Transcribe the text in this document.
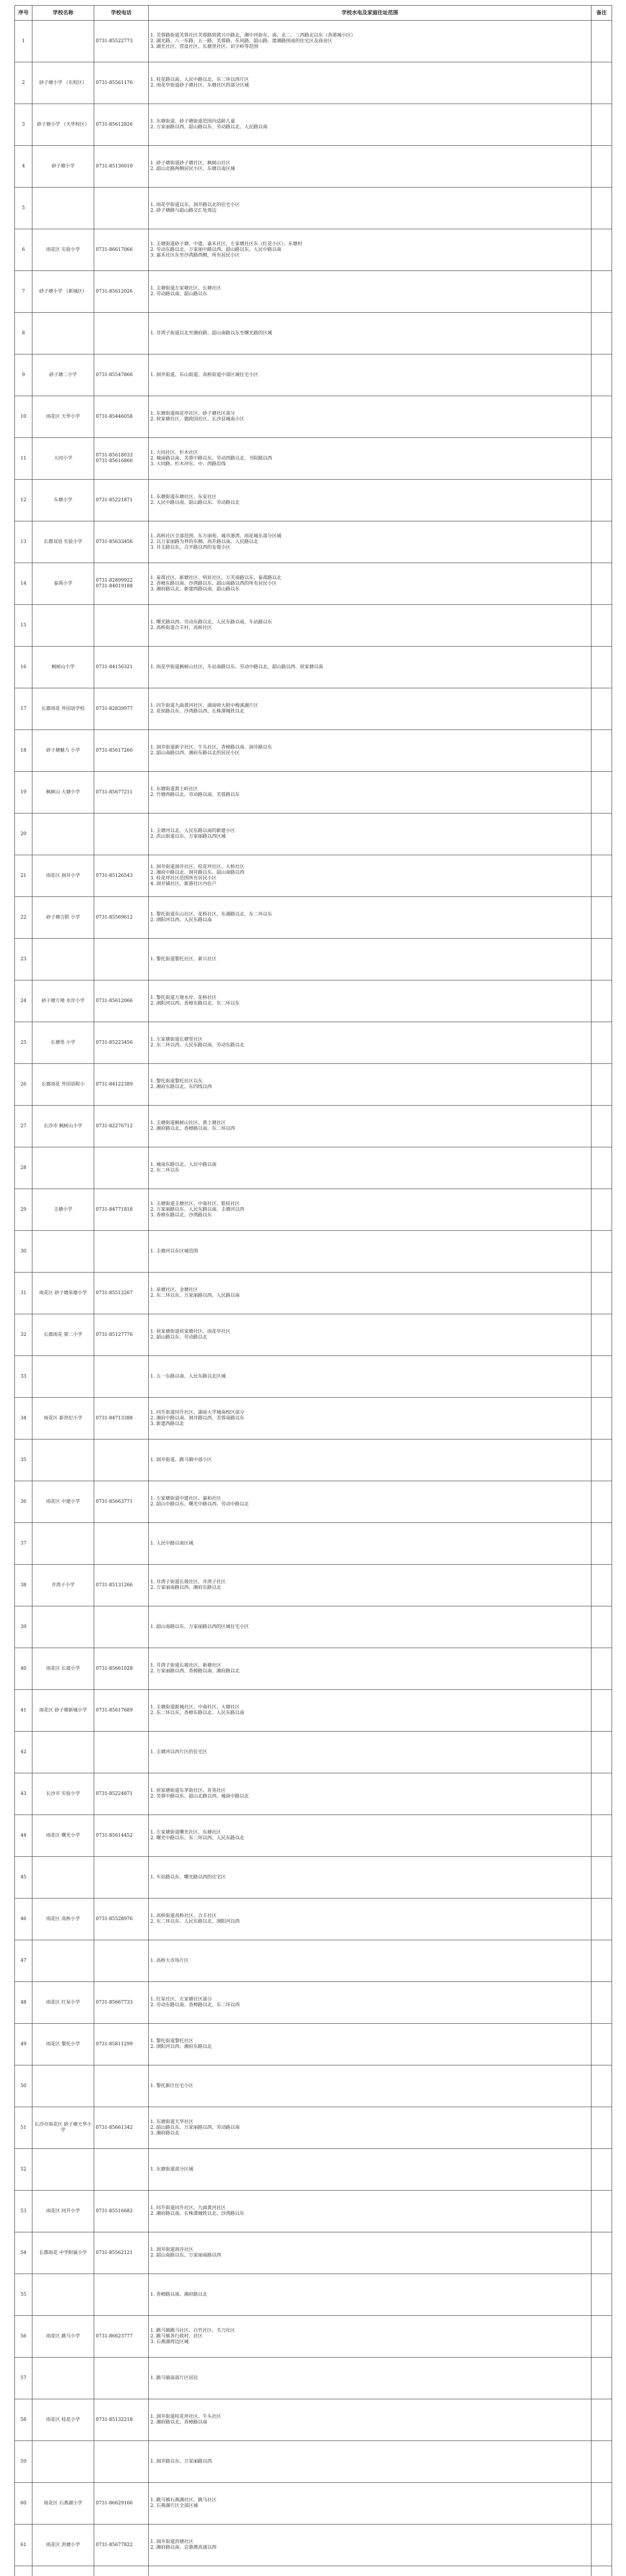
序号	学校名称	学校电话	学校水电及家庭住址范围	备注
1		0731-85522773	1. 芙蓉路街道芙蓉社区芙蓉路到黄兴中路北，湘中河街东，南、北二、三西路北以东（香港城小区）
2. 湖光路、八一东路、五一路、芙蓉路、东风路、韶山路、建湘路围成的住宅区及商业区
3. 湖光社区、营盘社区、长塘里社区、识字岭等范围	
2	砂子塘小学 （东校区）	0731-85561176	1. 桂花路以南、人民中路以北、东二环以西片区
2. 雨花亭街道砂子塘社区、东塘社区的部分区域	
3	砂子塘小学 （天华校区）	0731-85612826	1. 东塘街道、砂子塘街道范围内适龄儿童
2. 万家丽路以西、韶山路以东、劳动路以北、人民路以南	
4	砂子塘小学	0731-85136010	1. 砂子塘街道砂子塘社区，枫树山社区
2. 韶山北路两侧居民小区、东塘以南区域	
5			1. 雨花亭街道以东、洞井路以北的住宅小区
2. 砂子塘路与韶山路交汇处周边	
6	雨花区 实验小学	0731-86617066	1. 圭塘街道砂子塘、中建、嘉禾社区，左家塘社区东（红花小区）、东塘村
2. 劳动东路以北、万家丽中路以西、韶山路以东、人民中路以南
3. 嘉禾社区东至沙湾路西侧，所有居民小区	
7	砂子塘小学 （新城区）	0731-85612026	1. 圭塘街道左家塘社区、长塘社区
2. 劳动路以南、韶山路以东	
8			1. 井湾子街道以北至湘府路、韶山南路以东至曙光路的区域	
9	砂子塘二小学	0731-85547866	1. 洞井街道、东山街道、高桥街道中部区域住宅小区	
10	雨花区 天华小学	0731-85446058	1. 东塘街道雨花亭社区、砂子塘社区部分
2. 侯家塘社区、德政园社区、长沙县城南小区	
11	大同小学	0731-85618033
0731-85616866	1. 大同社区、杉木社区
2. 城南路以南、芙蓉中路以东、劳动西路以北、书院路以西
3. 大同路、杉木冲东、中、西路沿线	
12	东塘小学	0731-85221871	1. 东塘街道东塘社区、东安社区
2. 人民中路以南、韶山路以东、劳动路以北	
13	长郡双语 实验小学	0731-85633456	1. 高桥社区全部范围、东方丽苑、城市港湾、雨花城东部分区域
2. 以万家丽路为界的东侧，高升路以南、人民路以北
3. 井圭路以东，合平路以西的安置小区	
14	泰禹小学	0731-82899922
0731-84019188	1. 泰禹社区、新塘社区、明昇社区，万芙南路以东、泰禹路以北
2. 香樟东路以南、沙湾路以东、韶山南路以西的所有居民小区
3. 湘府路以北、新建西路以南、韶山路以东	
15			1. 曙光路以西、劳动东路以北、人民东路以南，车站路以东
2. 高桥街道合丰村、高桥社区	
16	枫树山小学	0731-84156321	1. 雨花亭街道枫树山社区，车站南路以东、劳动中路以北，韶山路以西、侯家塘以南	
17	长郡雨花 外国语学校	0731-82839977	1. 同升街道九曲黄河社区、湖南师大附中梅溪湖片区
2. 花侯路以东、沙湾路以西、长株潭城铁以北	
18	砂子塘魅力 小学	0731-85617266	1. 洞井街道新宇社区、牛头社区，香樟路以南、洞井路以东
2. 韶山南路以西、湘府东路以北的居民小区	
19	枫树山 大塘小学	0731-85677211	1. 东塘街道黄土岭社区
2. 竹塘西路以北、劳动路以南、芙蓉路以东	
20			1. 圭塘河以北、人民东路以南的新建小区
2. 洪山街道以东、万家丽路以西区域	
21	雨花区 洞井小学	0731-85126543	1. 洞井街道洞井社区、桂花坪社区、大桥社区
2. 湘府中路以北、洞井路以东、韶山南路以西
3. 桂花坪社区范围所有居民小区
4. 洞井铺社区、新港社区内住户	
22	砂子塘吉联 小学	0731-85569612	1. 黎托街道东山社区、花桥社区，东湖路以北、东二环以东
2. 浏阳河以西、人民东路以南	
23			1. 黎托街道黎托社区、新兴社区	
24	砂子塘万境 水岸小学	0731-85612066	1. 黎托街道万境水岸、花桥社区
2. 浏阳河以西、香樟东路以北、东二环以东	
25	长塘里 小学	0731-85223456	1. 左家塘街道长塘里社区
2. 东二环以西、人民东路以南、劳动东路以北	
26	长郡雨花 外国语附小	0731-84122389	1. 黎托街道黎托社区以东
2. 湘府东路以北、东四线以西	
27	长沙市 枫树山小学	0731-82276712	1. 圭塘街道枫树山社区、黄土塘社区
2. 湘府路以北、香樟路以南、东二环以西	
28			1. 城南东路以北、人民中路以南
2. 东二环以东	
29	圭塘小学	0731-84771818	1. 圭塘街道圭塘社区、中南社区、银桂社区
2. 万家丽路以东、人民东路以南、圭塘河以西
3. 香樟东路以北、沙湾路以东	
30			1. 圭塘河以东区域范围	
31	雨花区 砂子塘泉塘小学	0731-85512267	1. 泉塘社区、金塘社区
2. 东二环以东、万家丽路以西、人民路以南	
32	长郡雨花 第二小学	0731-85127776	1. 侯家塘街道侯家塘社区、雨花亭社区
2. 韶山路以东、劳动路以北	
33			1. 五一东路以南、人民东路以北区域	
34	雨花区 新世纪小学	0731-84713388	1. 同升街道同升社区、湖南大学城南校区部分
2. 湘府中路以南、洞井路以西、芙蓉南路以东
3. 新建西路以北	
35			1. 洞井街道、跳马镇中部小区	
36	雨花区 中建小学	0731-85663771	1. 左家塘街道中建社区、嘉和社区
2. 韶山中路以东、曙光中路以西、劳动中路以北	
37			1. 人民中路以南区域	
38	井湾子小学	0731-85131266	1. 井湾子街道长坡社区、井湾子社区
2. 万家丽南路以西、湘府东路以北	
39			1. 韶山南路以东、万家丽路以西的区域住宅小区	
40	雨花区 长坡小学	0731-85661028	1. 井湾子街道长坡社区、新塘社区
2. 万家丽路以西、香樟路以南、湘府路以北	
41	雨花区 砂子塘新城小学	0731-85617689	1. 圭塘街道新城社区、中南社区、大塘社区
2. 东二环以东、香樟东路以北、人民东路以南	
42			1. 圭塘河以西片区的住宅区	
43	长沙市 实验小学	0731-85224871	1. 侯家塘街道东茅街社区、育英社区
2. 芙蓉中路以东、韶山北路以西、城南中路以北	
44	雨花区 曙光小学	0731-85614452	1. 左家塘街道曙光社区、东塘社区
2. 曙光中路以东、东二环以西、人民东路以北	
45			1. 车站路以东、曙光路以西的住宅区	
46	雨花区 高桥小学	0731-85528976	1. 高桥街道高桥社区、合丰社区
2. 东二环以东、人民东路以北、浏阳河以西	
47			1. 高桥大市场片区	
48	雨花区 红星小学	0731-85667733	1. 红星社区、左家塘社区部分
2. 劳动东路以南、香樟路以北、东二环以西	
49	雨花区 黎托小学	0731-85811299	1. 黎托街道黎托社区
2. 浏阳河以西、湘府东路以北	
50			1. 黎托新区住宅小区	
51	长沙市雨花区 砂子塘天华小学	0731-85661342	1. 东塘街道天华社区
2. 韶山路以东、万家丽路以西、劳动路以南
3. 湘府路以北	
52			1. 东塘街道部分区域	
53	雨花区 同升小学	0731-85516682	1. 同升街道同升社区、九曲黄河社区
2. 湘府路以南、长株潭城铁以北、沙湾路以东	
54	长郡雨花 中学附属小学	0731-85562121	1. 洞井街道洞井社区
2. 韶山南路以东、万家丽南路以西	
55			1. 香樟路以南、湘府路以北	
56	雨花区 跳马小学	0731-86623777	1. 跳马镇跳马社区、白竹社区、关刀社区
2. 跳马镇各行政村、社区
3. 石燕湖周边区域	
57			1. 跳马镇南部片区居民	
58	雨花区 桂花小学	0731-85132218	1. 洞井街道桂花坪社区、牛头社区
2. 湘府路以北、香樟路以南	
59			1. 洞井路以东、万家丽路以西	
60	雨花区 石燕湖小学	0731-86629166	1. 跳马镇石燕湖社区、跳马社区
2. 石燕湖片区全部区域	
61	雨花区 洪塘小学	0731-85677822	1. 洞井街道洪塘社区
2. 湘府路以南、京港澳高速以西	
